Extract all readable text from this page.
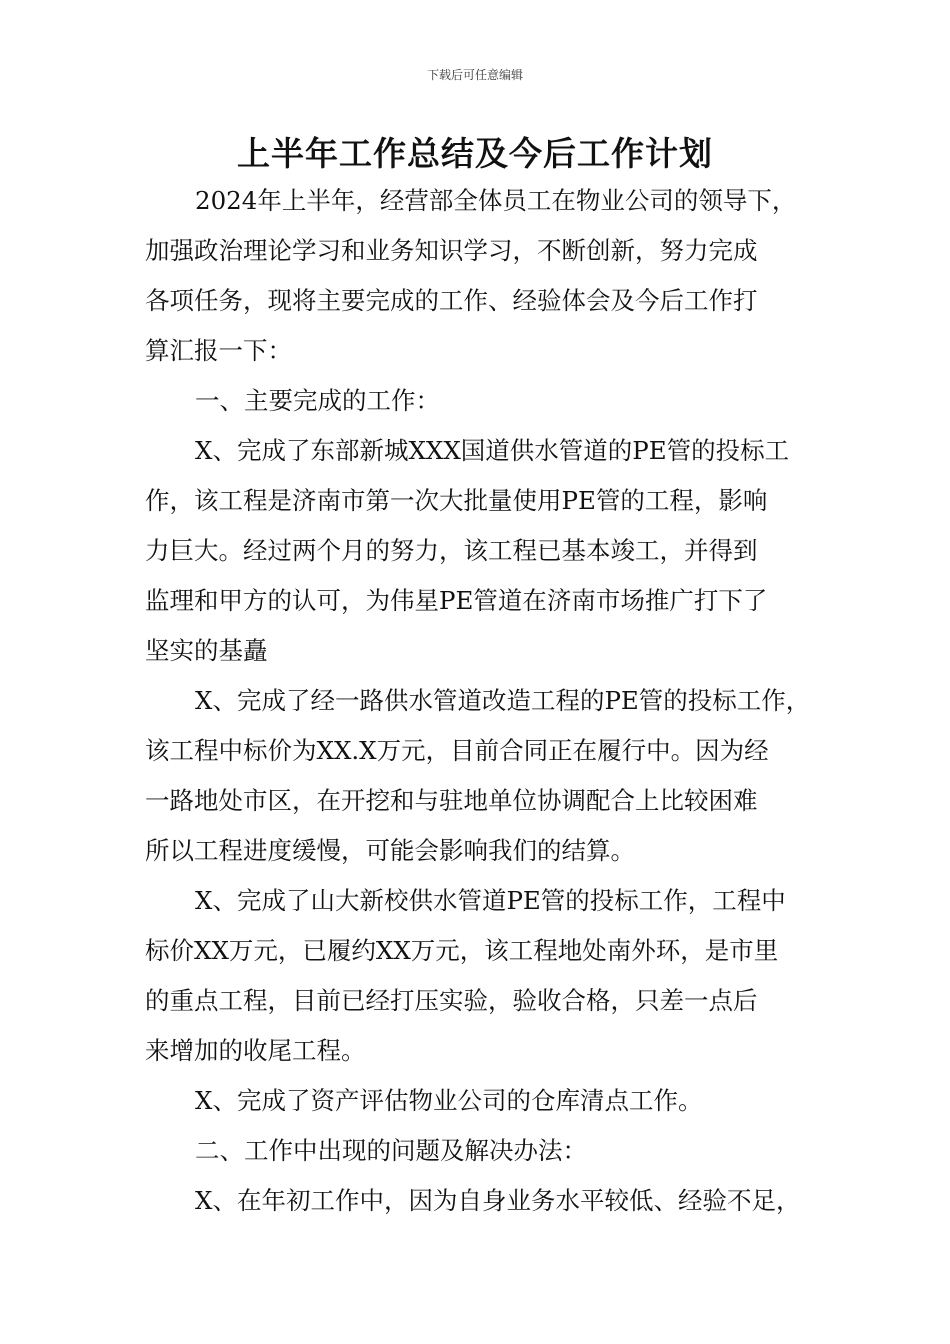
下载后可任意编辑
上半年工作总结及今后工作计划
2024年上半年，经营部全体员工在物业公司的领导下，
加强政治理论学习和业务知识学习，不断创新，努力完成
各项任务，现将主要完成的工作、经验体会及今后工作打
算汇报一下：
一、主要完成的工作：
X、完成了东部新城XXX国道供水管道的PE管的投标工
作，该工程是济南市第一次大批量使用PE管的工程，影响
力巨大。经过两个月的努力，该工程已基本竣工，并得到
监理和甲方的认可，为伟星PE管道在济南市场推广打下了
坚实的基矗
X、完成了经一路供水管道改造工程的PE管的投标工作，
该工程中标价为XX.X万元，目前合同正在履行中。因为经
一路地处市区，在开挖和与驻地单位协调配合上比较困难
所以工程进度缓慢，可能会影响我们的结算。
X、完成了山大新校供水管道PE管的投标工作，工程中
标价XX万元，已履约XX万元，该工程地处南外环，是市里
的重点工程，目前已经打压实验，验收合格，只差一点后
来增加的收尾工程。
X、完成了资产评估物业公司的仓库清点工作。
二、工作中出现的问题及解决办法：
X、在年初工作中，因为自身业务水平较低、经验不足，
